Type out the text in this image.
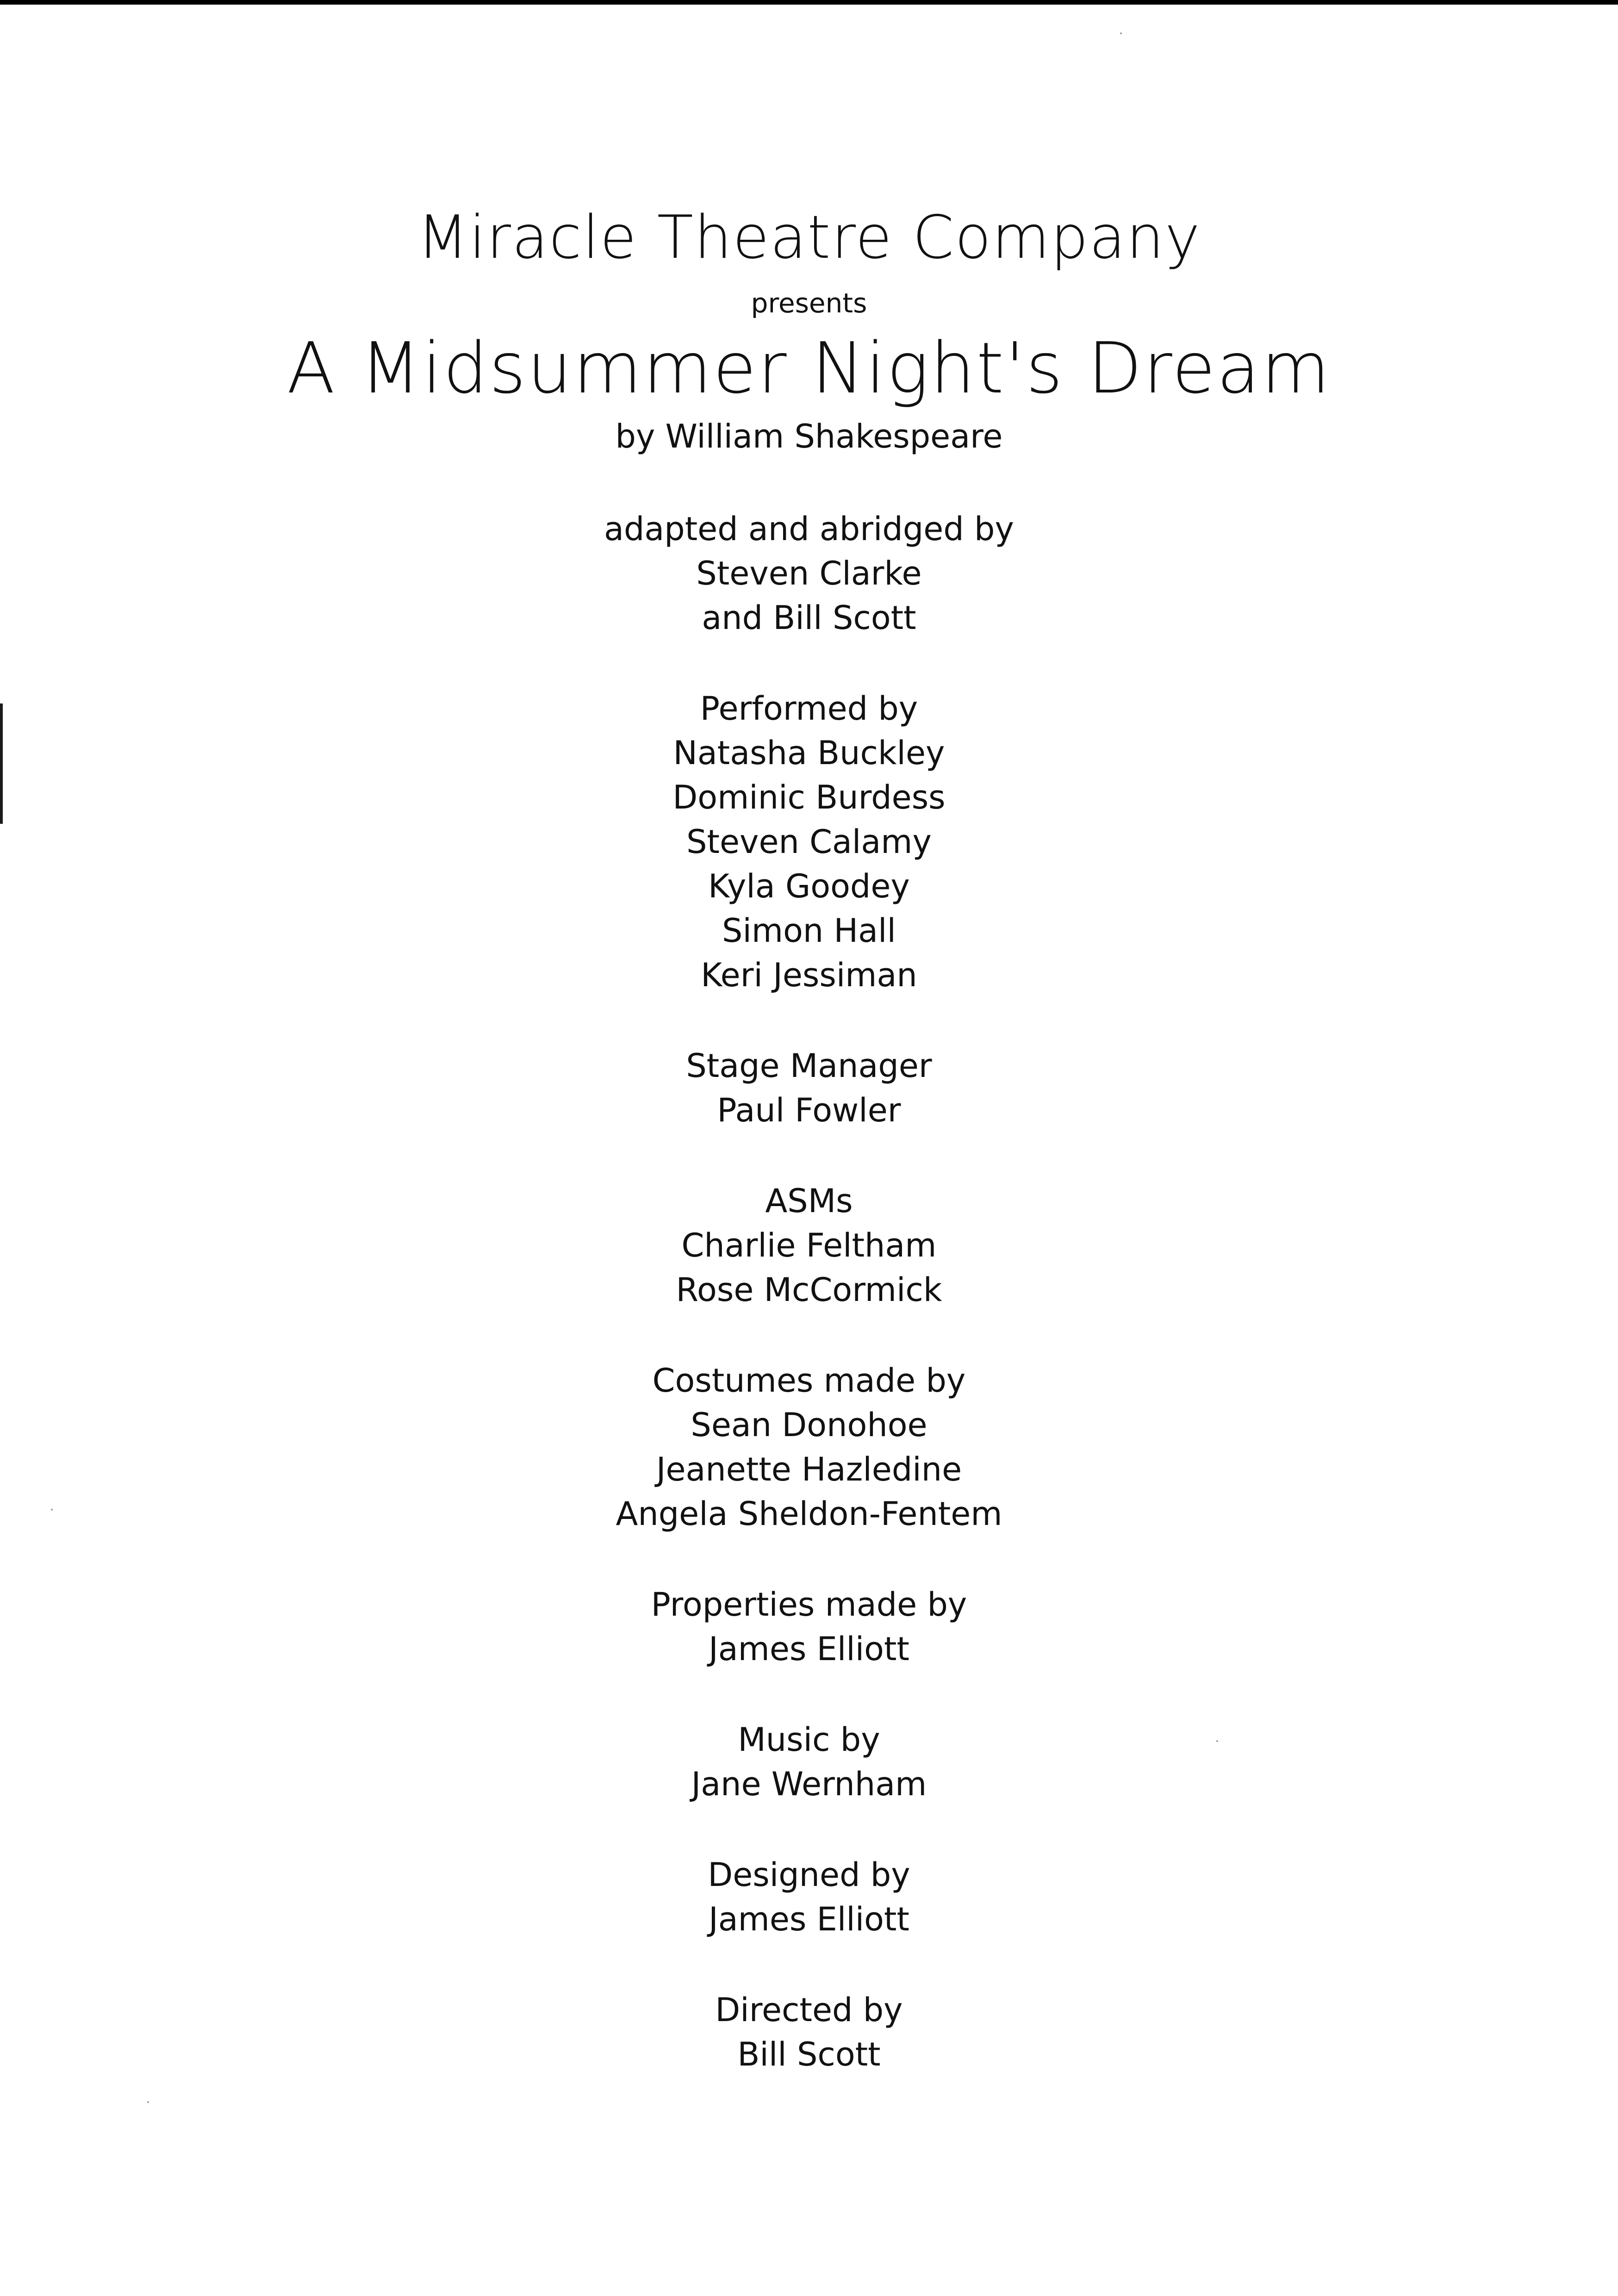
Miracle Theatre Company
presents
A Midsummer Night's Dream
by William Shakespeare
adapted and abridged by
Steven Clarke
and Bill Scott
Performed by
Natasha Buckley
Dominic Burdess
Steven Calamy
Kyla Goodey
Simon Hall
Keri Jessiman
Stage Manager
Paul Fowler
ASMs
Charlie Feltham
Rose McCormick
Costumes made by
Sean Donohoe
Jeanette Hazledine
Angela Sheldon-Fentem
Properties made by
James Elliott
Music by
Jane Wernham
Designed by
James Elliott
Directed by
Bill Scott
